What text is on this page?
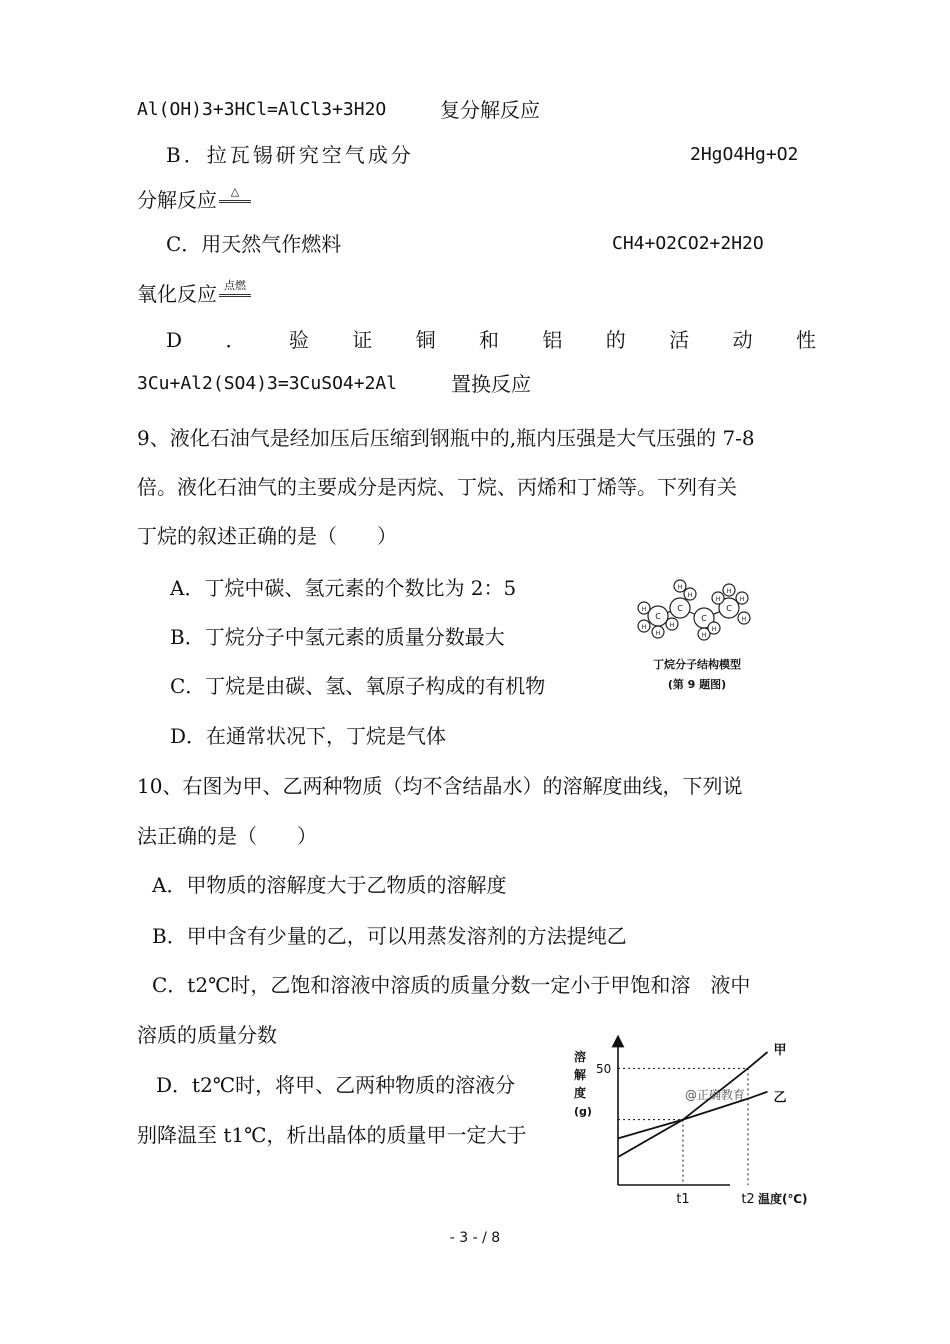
Al(OH)3+3HCl=AlCl3+3H2O	复分解反应
B．拉瓦锡研究空气成分	2HgO4Hg+O2
分解反应 △
C．用天然气作燃料	CH4+O2CO2+2H2O
氧化反应 点燃
D ． 验 证 铜 和 铝 的 活 动 性
3Cu+Al2(SO4)3=3CuSO4+2Al	置换反应
9、液化石油气是经加压后压缩到钢瓶中的,瓶内压强是大气压强的 7-8
倍。液化石油气的主要成分是丙烷、丁烷、丙烯和丁烯等。下列有关
丁烷的叙述正确的是（　　）
A．丁烷中碳、氢元素的个数比为 2：5
B．丁烷分子中氢元素的质量分数最大
C．丁烷是由碳、氢、氧原子构成的有机物
D．在通常状况下，丁烷是气体
C
C
C
C
H
H
H
H
H
H	H
H
H
H
H
H
丁烷分子结构模型
(第 9 题图)
10、右图为甲、乙两种物质（均不含结晶水）的溶解度曲线，下列说
法正确的是（　　）
A．甲物质的溶解度大于乙物质的溶解度
B．甲中含有少量的乙，可以用蒸发溶剂的方法提纯乙
C．t2℃时，乙饱和溶液中溶质的质量分数一定小于甲饱和溶　液中
溶质的质量分数
D．t2℃时，将甲、乙两种物质的溶液分
别降温至 t1℃，析出晶体的质量甲一定大于
溶
解
度
(g)
50
温度(℃)
t1	t2
@正确教育
甲
乙
- 3 - / 8
